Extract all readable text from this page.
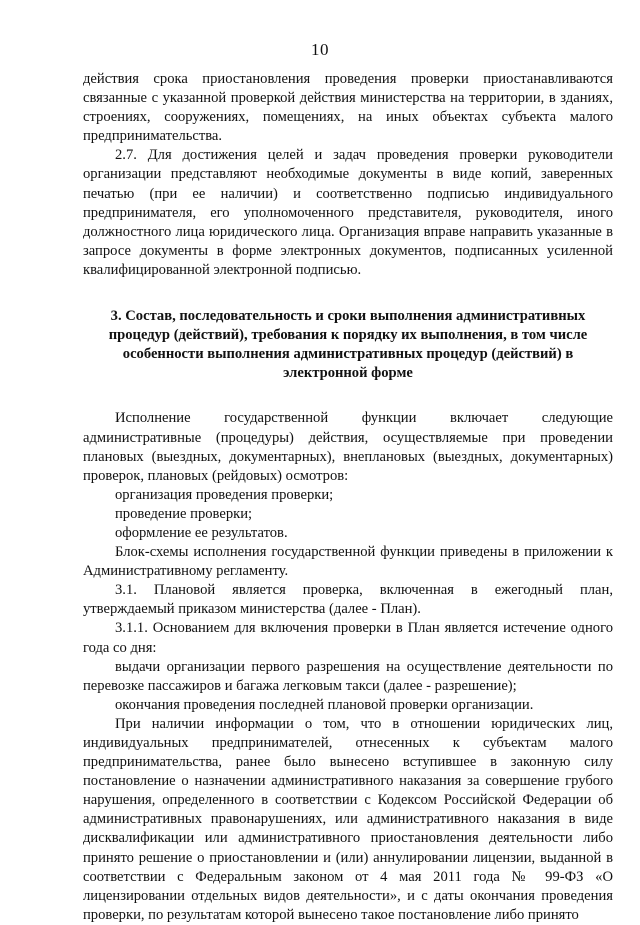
10

действия срока приостановления проведения проверки приостанавливаются связанные с указанной проверкой действия министерства на территории, в зданиях, строениях, сооружениях, помещениях, на иных объектах субъекта малого предпринимательства.

2.7. Для достижения целей и задач проведения проверки руководители организации представляют необходимые документы в виде копий, заверенных печатью (при ее наличии) и соответственно подписью индивидуального предпринимателя, его уполномоченного представителя, руководителя, иного должностного лица юридического лица. Организация вправе направить указанные в запросе документы в форме электронных документов, подписанных усиленной квалифицированной электронной подписью.

3. Состав, последовательность и сроки выполнения административных процедур (действий), требования к порядку их выполнения, в том числе особенности выполнения административных процедур (действий) в электронной форме

Исполнение государственной функции включает следующие административные (процедуры) действия, осуществляемые при проведении плановых (выездных, документарных), внеплановых (выездных, документарных) проверок, плановых (рейдовых) осмотров:

организация проведения проверки;

проведение проверки;

оформление ее результатов.

Блок-схемы исполнения государственной функции приведены в приложении к Административному регламенту.

3.1. Плановой является проверка, включенная в ежегодный план, утверждаемый приказом министерства (далее - План).

3.1.1. Основанием для включения проверки в План является истечение одного года со дня:

выдачи организации первого разрешения на осуществление деятельности по перевозке пассажиров и багажа легковым такси (далее - разрешение);

окончания проведения последней плановой проверки организации.

При наличии информации о том, что в отношении юридических лиц, индивидуальных предпринимателей, отнесенных к субъектам малого предпринимательства, ранее было вынесено вступившее в законную силу постановление о назначении административного наказания за совершение грубого нарушения, определенного в соответствии с Кодексом Российской Федерации об административных правонарушениях, или административного наказания в виде дисквалификации или административного приостановления деятельности либо принято решение о приостановлении и (или) аннулировании лицензии, выданной в соответствии с Федеральным законом от 4 мая 2011 года № 99-ФЗ «О лицензировании отдельных видов деятельности», и с даты окончания проведения проверки, по результатам которой вынесено такое постановление либо принято
